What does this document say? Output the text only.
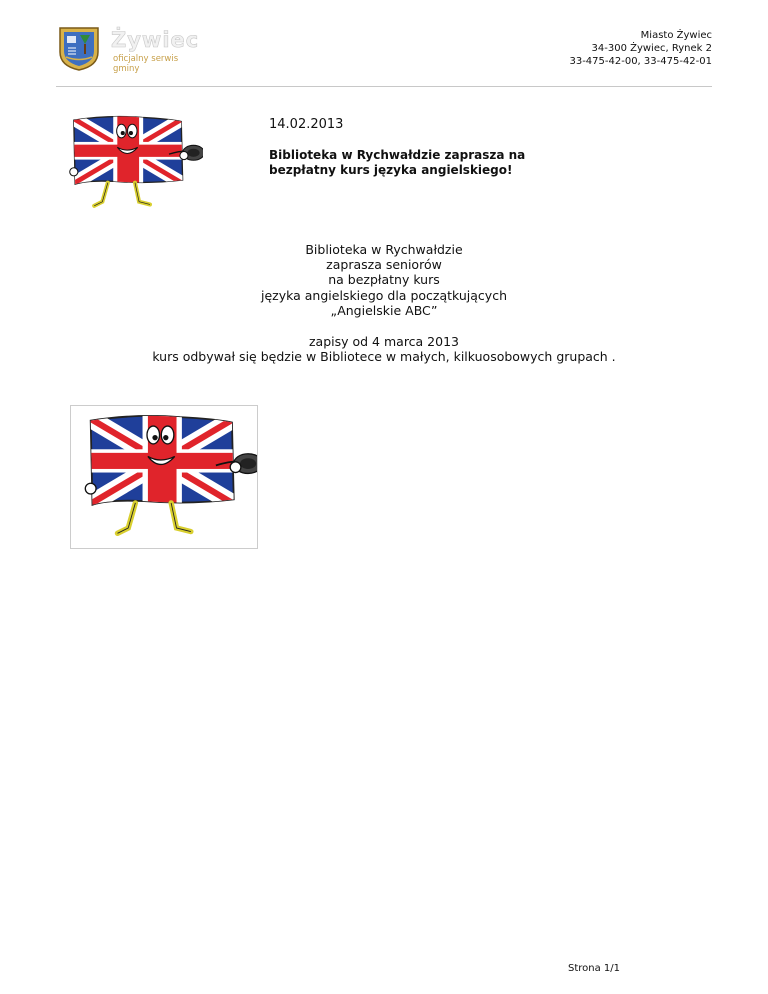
Żywiec
oficjalny serwis gminy
Miasto Żywiec
34-300 Żywiec, Rynek 2
33-475-42-00, 33-475-42-01
14.02.2013
Biblioteka w Rychwałdzie zaprasza na bezpłatny kurs języka angielskiego!
Biblioteka w Rychwałdzie
zaprasza seniorów
na bezpłatny kurs
języka angielskiego dla początkujących
„Angielskie ABC”
zapisy od 4 marca 2013
kurs odbywał się będzie w Bibliotece w małych, kilkuosobowych grupach .
Strona 1/1
